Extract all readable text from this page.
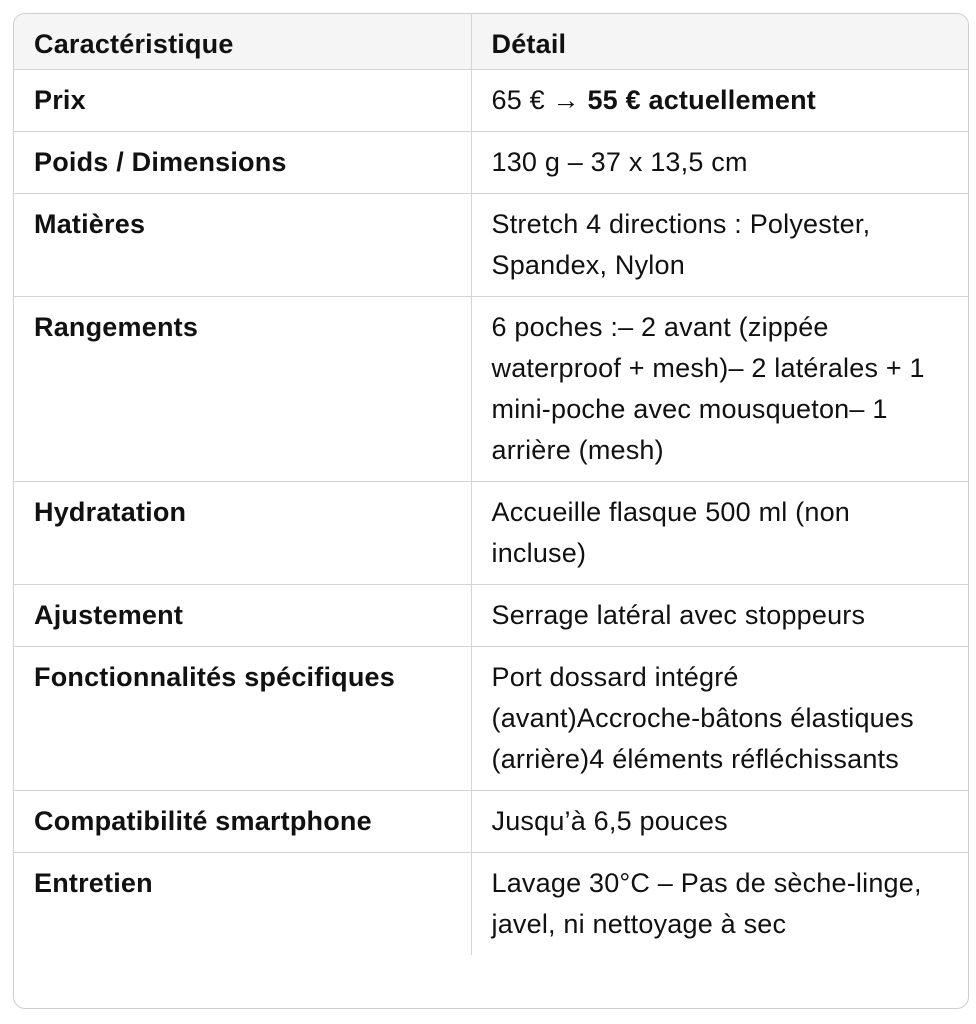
Caractéristique	Détail
Prix	65 € → 55 € actuellement
Poids / Dimensions	130 g – 37 x 13,5 cm
Matières	Stretch 4 directions : Polyester, Spandex, Nylon
Rangements	6 poches :– 2 avant (zippée waterproof + mesh)– 2 latérales + 1 mini-poche avec mousqueton– 1 arrière (mesh)
Hydratation	Accueille flasque 500 ml (non incluse)
Ajustement	Serrage latéral avec stoppeurs
Fonctionnalités spécifiques	Port dossard intégré (avant)Accroche-bâtons élastiques (arrière)4 éléments réfléchissants
Compatibilité smartphone	Jusqu’à 6,5 pouces
Entretien	Lavage 30°C – Pas de sèche-linge, javel, ni nettoyage à sec
